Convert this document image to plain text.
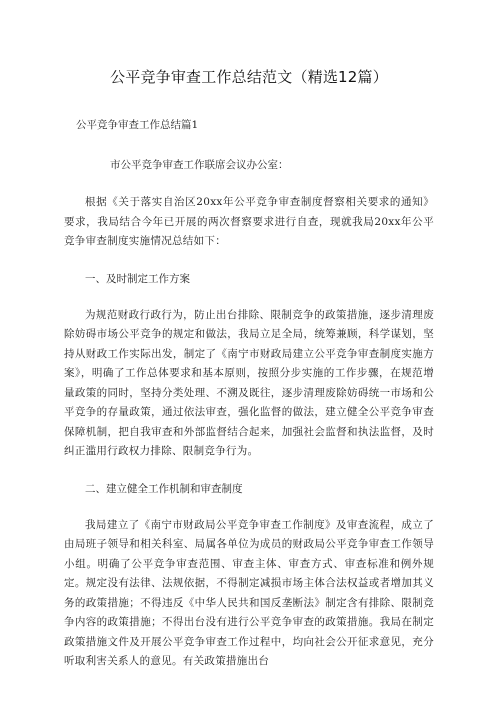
公平竞争审查工作总结范文（精选12篇）

公平竞争审查工作总结篇1

市公平竞争审查工作联席会议办公室：

根据《关于落实自治区20xx年公平竞争审查制度督察相关要求的通知》要求，我局结合今年已开展的两次督察要求进行自查，现就我局20xx年公平竞争审查制度实施情况总结如下：

一、及时制定工作方案

为规范财政行政行为，防止出台排除、限制竞争的政策措施，逐步清理废除妨碍市场公平竞争的规定和做法，我局立足全局，统筹兼顾，科学谋划，坚持从财政工作实际出发，制定了《南宁市财政局建立公平竞争审查制度实施方案》，明确了工作总体要求和基本原则，按照分步实施的工作步骤，在规范增量政策的同时，坚持分类处理、不溯及既往，逐步清理废除妨碍统一市场和公平竞争的存量政策，通过依法审查，强化监督的做法，建立健全公平竞争审查保障机制，把自我审查和外部监督结合起来，加强社会监督和执法监督，及时纠正滥用行政权力排除、限制竞争行为。

二、建立健全工作机制和审查制度

我局建立了《南宁市财政局公平竞争审查工作制度》及审查流程，成立了由局班子领导和相关科室、局属各单位为成员的财政局公平竞争审查工作领导小组。明确了公平竞争审查范围、审查主体、审查方式、审查标准和例外规定。规定没有法律、法规依据，不得制定减损市场主体合法权益或者增加其义务的政策措施；不得违反《中华人民共和国反垄断法》制定含有排除、限制竞争内容的政策措施；不得出台没有进行公平竞争审查的政策措施。我局在制定政策措施文件及开展公平竞争审查工作过程中，均向社会公开征求意见，充分听取利害关系人的意见。有关政策措施出台
